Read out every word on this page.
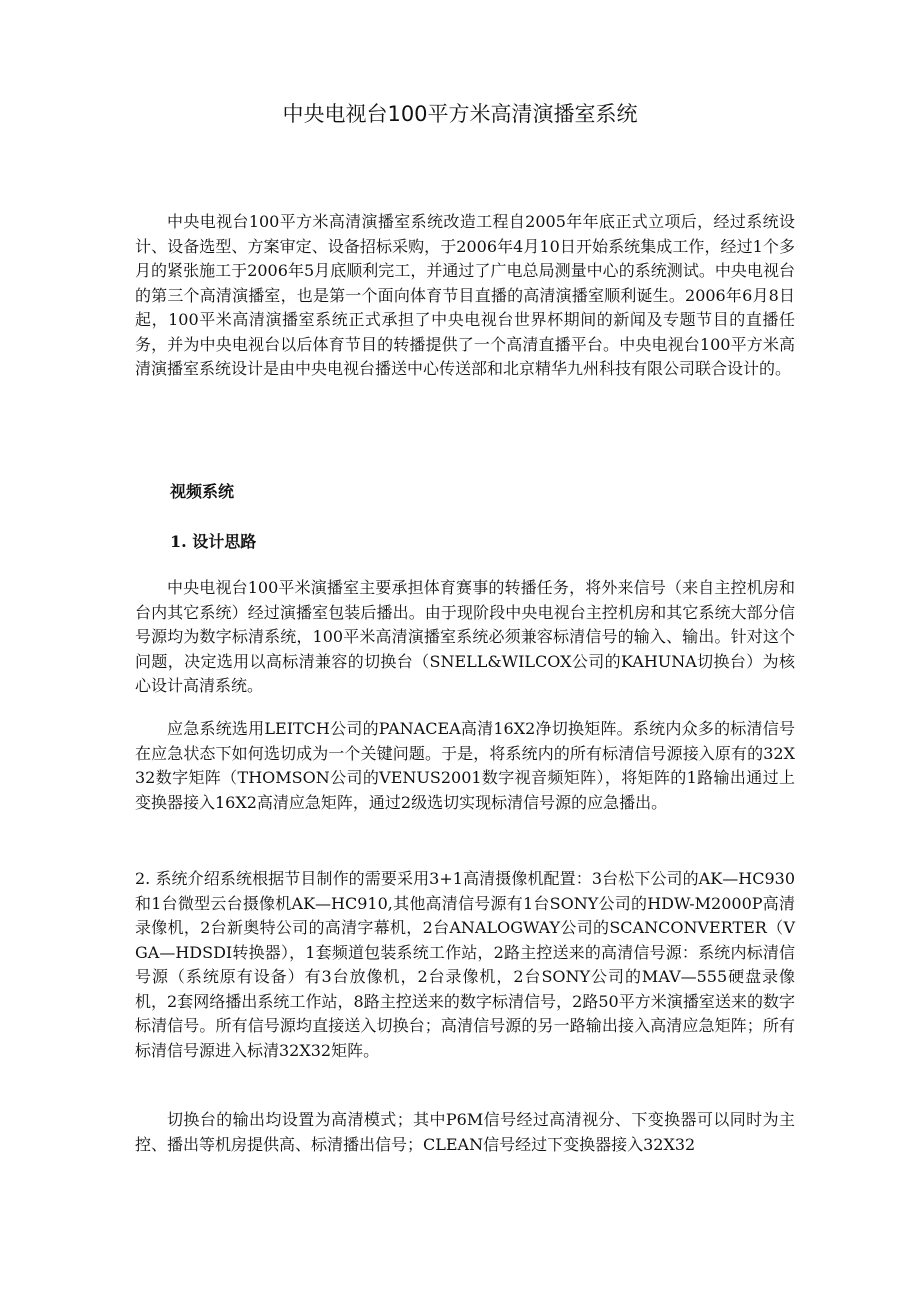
中央电视台100平方米高清演播室系统

中央电视台100平方米高清演播室系统改造工程自2005年年底正式立项后，经过系统设计、设备选型、方案审定、设备招标采购，于2006年4月10日开始系统集成工作，经过1个多月的紧张施工于2006年5月底顺利完工，并通过了广电总局测量中心的系统测试。中央电视台的第三个高清演播室，也是第一个面向体育节目直播的高清演播室顺利诞生。2006年6月8日起，100平米高清演播室系统正式承担了中央电视台世界杯期间的新闻及专题节目的直播任务，并为中央电视台以后体育节目的转播提供了一个高清直播平台。中央电视台100平方米高清演播室系统设计是由中央电视台播送中心传送部和北京精华九州科技有限公司联合设计的。

视频系统
1. 设计思路

中央电视台100平米演播室主要承担体育赛事的转播任务，将外来信号（来自主控机房和台内其它系统）经过演播室包装后播出。由于现阶段中央电视台主控机房和其它系统大部分信号源均为数字标清系统，100平米高清演播室系统必须兼容标清信号的输入、输出。针对这个问题，决定选用以高标清兼容的切换台（SNELL&WILCOX公司的KAHUNA切换台）为核心设计高清系统。

应急系统选用LEITCH公司的PANACEA高清16X2净切换矩阵。系统内众多的标清信号在应急状态下如何选切成为一个关键问题。于是，将系统内的所有标清信号源接入原有的32X32数字矩阵（THOMSON公司的VENUS2001数字视音频矩阵），将矩阵的1路输出通过上变换器接入16X2高清应急矩阵，通过2级选切实现标清信号源的应急播出。

2. 系统介绍系统根据节目制作的需要采用3+1高清摄像机配置：3台松下公司的AK—HC930和1台微型云台摄像机AK—HC910,其他高清信号源有1台SONY公司的HDW-M2000P高清录像机，2台新奥特公司的高清字幕机，2台ANALOGWAY公司的SCANCONVERTER（VGA—HDSDI转换器），1套频道包装系统工作站，2路主控送来的高清信号源：系统内标清信号源（系统原有设备）有3台放像机，2台录像机，2台SONY公司的MAV—555硬盘录像机，2套网络播出系统工作站，8路主控送来的数字标清信号，2路50平方米演播室送来的数字标清信号。所有信号源均直接送入切换台；高清信号源的另一路输出接入高清应急矩阵；所有标清信号源进入标清32X32矩阵。

切换台的输出均设置为高清模式；其中P6M信号经过高清视分、下变换器可以同时为主控、播出等机房提供高、标清播出信号；CLEAN信号经过下变换器接入32X32
